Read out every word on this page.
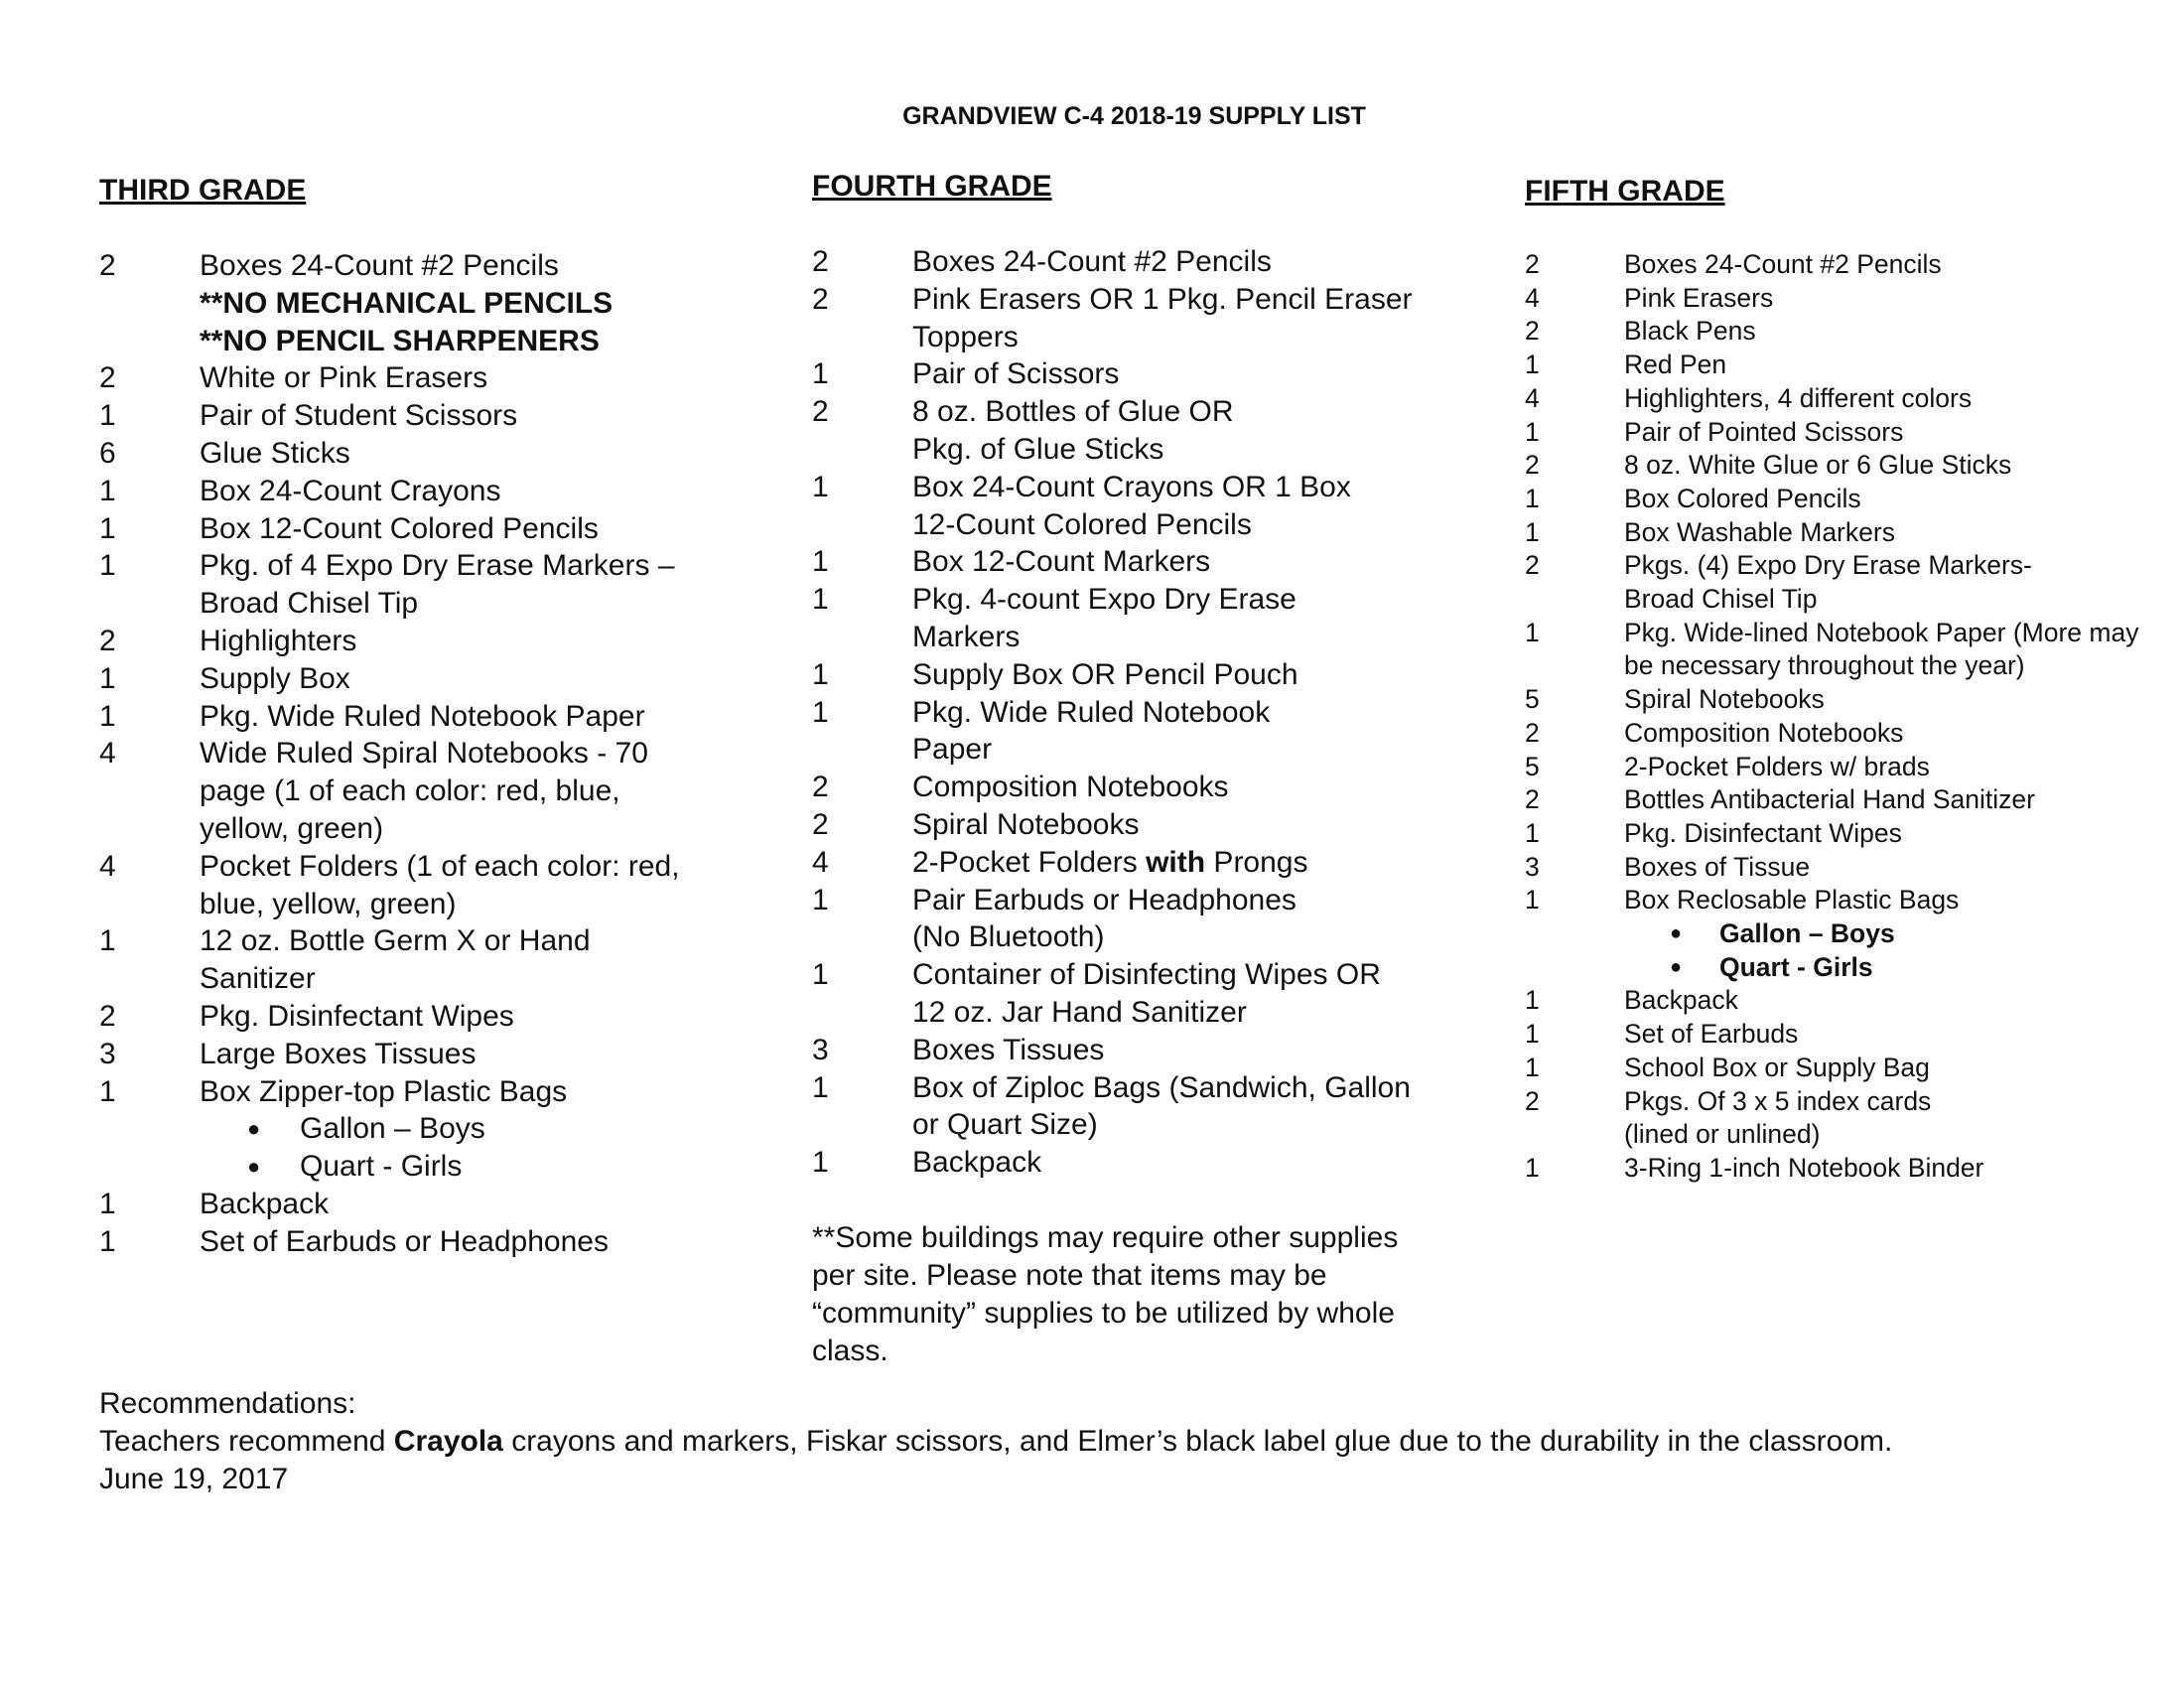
GRANDVIEW C-4 2018-19 SUPPLY LIST

THIRD GRADE

2	Boxes 24-Count #2 Pencils
**NO MECHANICAL PENCILS
**NO PENCIL SHARPENERS
2	White or Pink Erasers
1	Pair of Student Scissors
6	Glue Sticks
1	Box 24-Count Crayons
1	Box 12-Count Colored Pencils
1	Pkg. of 4 Expo Dry Erase Markers – Broad Chisel Tip
2	Highlighters
1	Supply Box
1	Pkg. Wide Ruled Notebook Paper
4	Wide Ruled Spiral Notebooks - 70 page (1 of each color: red, blue, yellow, green)
4	Pocket Folders (1 of each color: red, blue, yellow, green)
1	12 oz. Bottle Germ X or Hand Sanitizer
2	Pkg. Disinfectant Wipes
3	Large Boxes Tissues
1	Box Zipper-top Plastic Bags
●	Gallon – Boys
●	Quart - Girls
1	Backpack
1	Set of Earbuds or Headphones

FOURTH GRADE

2	Boxes 24-Count #2 Pencils
2	Pink Erasers OR 1 Pkg. Pencil Eraser Toppers
1	Pair of Scissors
2	8 oz. Bottles of Glue OR Pkg. of Glue Sticks
1	Box 24-Count Crayons OR 1 Box 12-Count Colored Pencils
1	Box 12-Count Markers
1	Pkg. 4-count Expo Dry Erase Markers
1	Supply Box OR Pencil Pouch
1	Pkg. Wide Ruled Notebook Paper
2	Composition Notebooks
2	Spiral Notebooks
4	2-Pocket Folders with Prongs
1	Pair Earbuds or Headphones (No Bluetooth)
1	Container of Disinfecting Wipes OR 12 oz. Jar Hand Sanitizer
3	Boxes Tissues
1	Box of Ziploc Bags (Sandwich, Gallon or Quart Size)
1	Backpack
**Some buildings may require other supplies per site. Please note that items may be “community” supplies to be utilized by whole class.

FIFTH GRADE

2	Boxes 24-Count #2 Pencils
4	Pink Erasers
2	Black Pens
1	Red Pen
4	Highlighters, 4 different colors
1	Pair of Pointed Scissors
2	8 oz. White Glue or 6 Glue Sticks
1	Box Colored Pencils
1	Box Washable Markers
2	Pkgs. (4) Expo Dry Erase Markers- Broad Chisel Tip
1	Pkg. Wide-lined Notebook Paper (More may be necessary throughout the year)
5	Spiral Notebooks
2	Composition Notebooks
5	2-Pocket Folders w/ brads
2	Bottles Antibacterial Hand Sanitizer
1	Pkg. Disinfectant Wipes
3	Boxes of Tissue
1	Box Reclosable Plastic Bags
●	Gallon – Boys
●	Quart - Girls
1	Backpack
1	Set of Earbuds
1	School Box or Supply Bag
2	Pkgs. Of 3 x 5 index cards (lined or unlined)
1	3-Ring 1-inch Notebook Binder
Recommendations:
Teachers recommend Crayola crayons and markers, Fiskar scissors, and Elmer’s black label glue due to the durability in the classroom.
June 19, 2017
